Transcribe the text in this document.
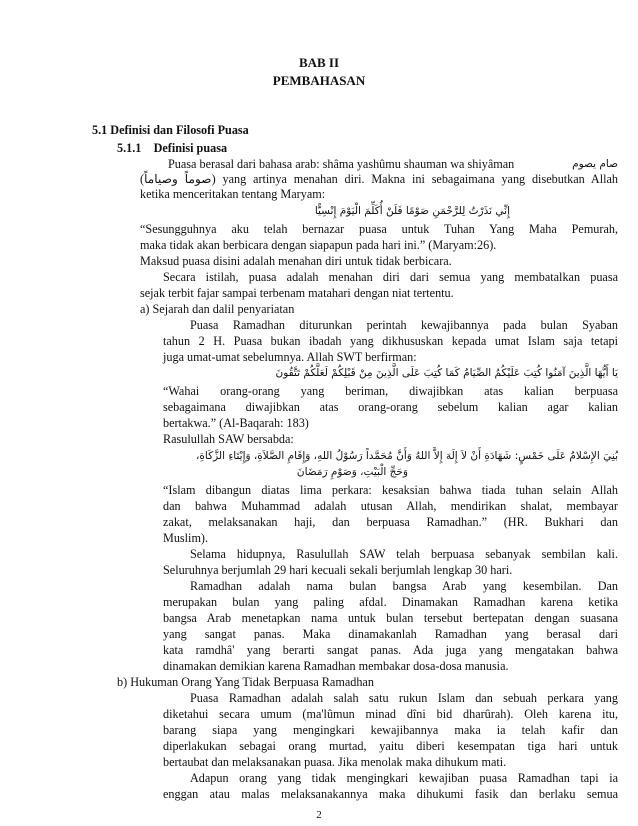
BAB II
PEMBAHASAN
5.1 Definisi dan Filosofi Puasa
5.1.1 Definisi puasa
Puasa berasal dari bahasa arab: shâma yashûmu shauman wa shiyâman	صام يصوم
(صوماً وصياماً) yang artinya menahan diri. Makna ini sebagaimana yang disebutkan Allah
ketika menceritakan tentang Maryam:
إِنِّي نَذَرْتُ لِلرَّحْمَنِ صَوْمًا فَلَنْ أُكَلِّمَ الْيَوْمَ إِنْسِيًّا
“Sesungguhnya aku telah bernazar puasa untuk Tuhan Yang Maha Pemurah,
maka tidak akan berbicara dengan siapapun pada hari ini.” (Maryam:26).
Maksud puasa disini adalah menahan diri untuk tidak berbicara.
Secara istilah, puasa adalah menahan diri dari semua yang membatalkan puasa
sejak terbit fajar sampai terbenam matahari dengan niat tertentu.
a) Sejarah dan dalil penyariatan
Puasa Ramadhan diturunkan perintah kewajibannya pada bulan Syaban
tahun 2 H. Puasa bukan ibadah yang dikhususkan kepada umat Islam saja tetapi
juga umat-umat sebelumnya. Allah SWT berfirman:
يَا أَيُّهَا الَّذِينَ آمَنُوا كُتِبَ عَلَيْكُمُ الصِّيَامُ كَمَا كُتِبَ عَلَى الَّذِينَ مِنْ قَبْلِكُمْ لَعَلَّكُمْ تَتَّقُونَ
“Wahai orang-orang yang beriman, diwajibkan atas kalian berpuasa
sebagaimana diwajibkan atas orang-orang sebelum kalian agar kalian
bertakwa.” (Al-Baqarah: 183)
Rasulullah SAW bersabda:
بُنِيَ الإِسْلامُ عَلَى خَمْسٍ: شَهَادَةِ أَنْ لاَ إِلَهَ إِلاَّ اللهُ وَأَنَّ مُحَمَّداً رَسُوْلُ اللهِ، وَإِقَامِ الصَّلاَةِ، وَإِيْتَاءِ الزَّكَاةِ،
وَحَجِّ الْبَيْتِ، وَصَوْمِ رَمَضَانَ
“Islam dibangun diatas lima perkara: kesaksian bahwa tiada tuhan selain Allah
dan bahwa Muhammad adalah utusan Allah, mendirikan shalat, membayar
zakat, melaksanakan haji, dan berpuasa Ramadhan.” (HR. Bukhari dan
Muslim).
Selama hidupnya, Rasulullah SAW telah berpuasa sebanyak sembilan kali.
Seluruhnya berjumlah 29 hari kecuali sekali berjumlah lengkap 30 hari.
Ramadhan adalah nama bulan bangsa Arab yang kesembilan. Dan
merupakan bulan yang paling afdal. Dinamakan Ramadhan karena ketika
bangsa Arab menetapkan nama untuk bulan tersebut bertepatan dengan suasana
yang sangat panas. Maka dinamakanlah Ramadhan yang berasal dari
kata ramdhâ' yang berarti sangat panas. Ada juga yang mengatakan bahwa
dinamakan demikian karena Ramadhan membakar dosa-dosa manusia.
b) Hukuman Orang Yang Tidak Berpuasa Ramadhan
Puasa Ramadhan adalah salah satu rukun Islam dan sebuah perkara yang
diketahui secara umum (ma'lûmun minad dîni bid dharûrah). Oleh karena itu,
barang siapa yang mengingkari kewajibannya maka ia telah kafir dan
diperlakukan sebagai orang murtad, yaitu diberi kesempatan tiga hari untuk
bertaubat dan melaksanakan puasa. Jika menolak maka dihukum mati.
Adapun orang yang tidak mengingkari kewajiban puasa Ramadhan tapi ia
enggan atau malas melaksanakannya maka dihukumi fasik dan berlaku semua
2
